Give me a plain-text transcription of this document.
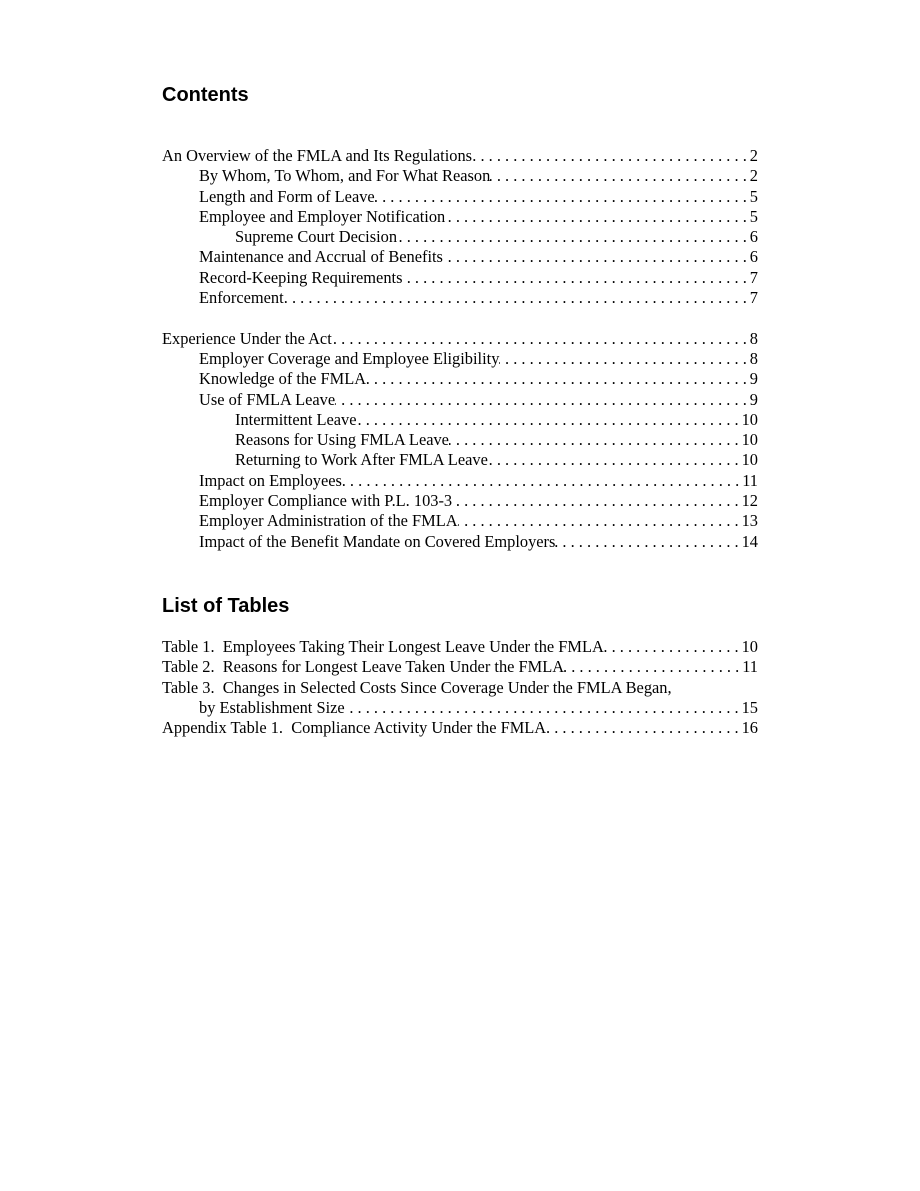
Contents
An Overview of the FMLA and Its Regulations . . .	2
By Whom, To Whom, and For What Reason . . .	2
Length and Form of Leave . . .	5
Employee and Employer Notification . . .	5
Supreme Court Decision . . .	6
Maintenance and Accrual of Benefits . . .	6
Record-Keeping Requirements . . .	7
Enforcement . . .	7
Experience Under the Act . . .	8
Employer Coverage and Employee Eligibility . . .	8
Knowledge of the FMLA . . .	9
Use of FMLA Leave . . .	9
Intermittent Leave . . .	10
Reasons for Using FMLA Leave . . .	10
Returning to Work After FMLA Leave . . .	10
Impact on Employees . . .	11
Employer Compliance with P.L. 103-3 . . .	12
Employer Administration of the FMLA . . .	13
Impact of the Benefit Mandate on Covered Employers . . .	14
List of Tables
Table 1.  Employees Taking Their Longest Leave Under the FMLA . . .	10
Table 2.  Reasons for Longest Leave Taken Under the FMLA . . .	11
Table 3.  Changes in Selected Costs Since Coverage Under the FMLA Began,
by Establishment Size . . .	15
Appendix Table 1.  Compliance Activity Under the FMLA . . .	16
